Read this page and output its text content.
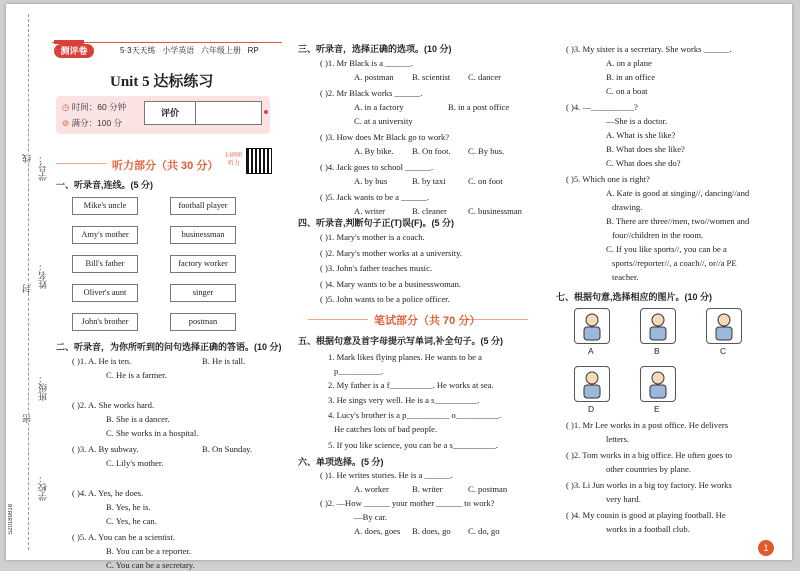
学号：
姓名：
班级：
学校：
线
封
密
S20189818
测评卷	5·3天天练 小学英语 六年级上册 RP
Unit 5 达标练习
◷ 时间：60 分钟
⊘ 满分：100 分
评价
听力部分（共 30 分）
扫码听听力
一、听录音,连线。(5 分)
Mike's uncle
Amy's mother
Bill's father
Oliver's aunt
John's brother
football player
businessman
factory worker
singer
postman
二、听录音，为你所听到的问句选择正确的答语。(10 分)
( )1. A. He is ten.	B. He is tall.
C. He is a farmer.
( )2. A. She works hard.
B. She is a dancer.
C. She works in a hospital.
( )3. A. By subway.	B. On Sunday.
C. Lily's mother.
( )4. A. Yes, he does.
B. Yes, he is.
C. Yes, he can.
( )5. A. You can be a scientist.
B. You can be a reporter.
C. You can be a secretary.
三、听录音，选择正确的选项。(10 分)
( )1. Mr Black is a ______.
A. postman B. scientist C. dancer
( )2. Mr Black works ______.
A. in a factory	B. in a post office
C. at a university
( )3. How does Mr Black go to work?
A. By bike. B. On foot. C. By bus.
( )4. Jack goes to school ______.
A. by bus	B. by taxi	C. on foot
( )5. Jack wants to be a ______.
A. writer	B. cleaner C. businessman
四、听录音,判断句子正(T)误(F)。(5 分)
( )1. Mary's mother is a coach.
( )2. Mary's mother works at a university.
( )3. John's father teaches music.
( )4. Mary wants to be a businesswoman.
( )5. John wants to be a police officer.
笔试部分（共 70 分）
五、根据句意及首字母提示写单词,补全句子。(5 分)
1. Mark likes flying planes. He wants to be a
p__________.
2. My father is a f__________. He works at sea.
3. He sings very well. He is a s__________.
4. Lucy's brother is a p__________ o__________.
He catches lots of bad people.
5. If you like science, you can be a s__________.
六、单项选择。(5 分)
( )1. He writes stories. He is a ______.
A. worker	B. writer	C. postman
( )2. —How ______ your mother ______ to work?
—By car.
A. does, goes B. does, go C. do, go
( )3. My sister is a secretary. She works ______.
A. on a plane
B. in an office
C. on a boat
( )4. —__________?
—She is a doctor.
A. What is she like?
B. What does she like?
C. What does she do?
( )5. Which one is right?
A. Kate is good at singing//, dancing//and
drawing.
B. There are three//men, two//women and
four//children in the room.
C. If you like sports//, you can be a
sports//reporter//, a coach//, or//a PE
teacher.
七、根据句意,选择相应的图片。(10 分)
A	B	C
D	E
( )1. Mr Lee works in a post office. He delivers
letters.
( )2. Tom works in a big office. He often goes to
other countries by plane.
( )3. Li Jun works in a big toy factory. He works
very hard.
( )4. My cousin is good at playing football. He
works in a football club.
1
